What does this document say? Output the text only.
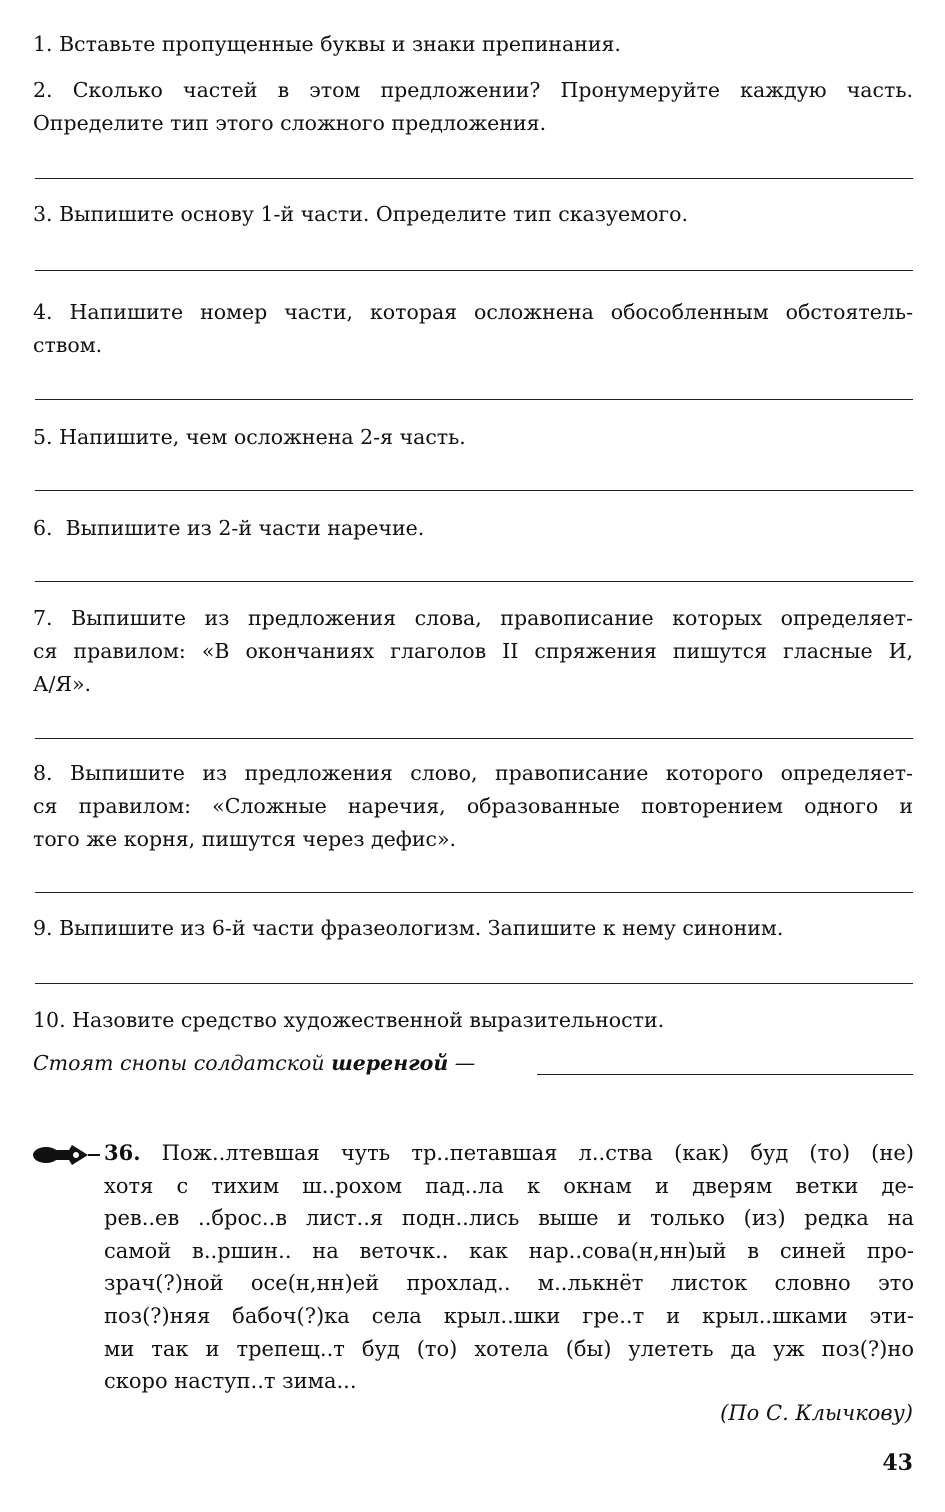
1. Вставьте пропущенные буквы и знаки препинания.
2. Сколько частей в этом предложении? Пронумеруйте каждую часть.
Определите тип этого сложного предложения.
3. Выпишите основу 1-й части. Определите тип сказуемого.
4. Напишите номер части, которая осложнена обособленным обстоятель-
ством.
5. Напишите, чем осложнена 2-я часть.
6.  Выпишите из 2-й части наречие.
7. Выпишите из предложения слова, правописание которых определяет-
ся правилом: «В окончаниях глаголов II спряжения пишутся гласные И,
А/Я».
8. Выпишите из предложения слово, правописание которого определяет-
ся правилом: «Сложные наречия, образованные повторением одного и
того же корня, пишутся через дефис».
9. Выпишите из 6-й части фразеологизм. Запишите к нему синоним.
10. Назовите средство художественной выразительности.
Стоят снопы солдатской шеренгой —
36. Пож..лтевшая чуть тр..петавшая л..ства (как) буд (то) (не)
хотя с тихим ш..рохом пад..ла к окнам и дверям ветки де-
рев..ев ..брос..в лист..я подн..лись выше и только (из) редка на
самой в..ршин.. на веточк.. как нар..сова(н,нн)ый в синей про-
зрач(?)ной осе(н,нн)ей прохлад.. м..лькнёт листок словно это
поз(?)няя бабоч(?)ка села крыл..шки гре..т и крыл..шками эти-
ми так и трепещ..т буд (то) хотела (бы) улететь да уж поз(?)но
скоро наступ..т зима...
(По С. Клычкову)
43
